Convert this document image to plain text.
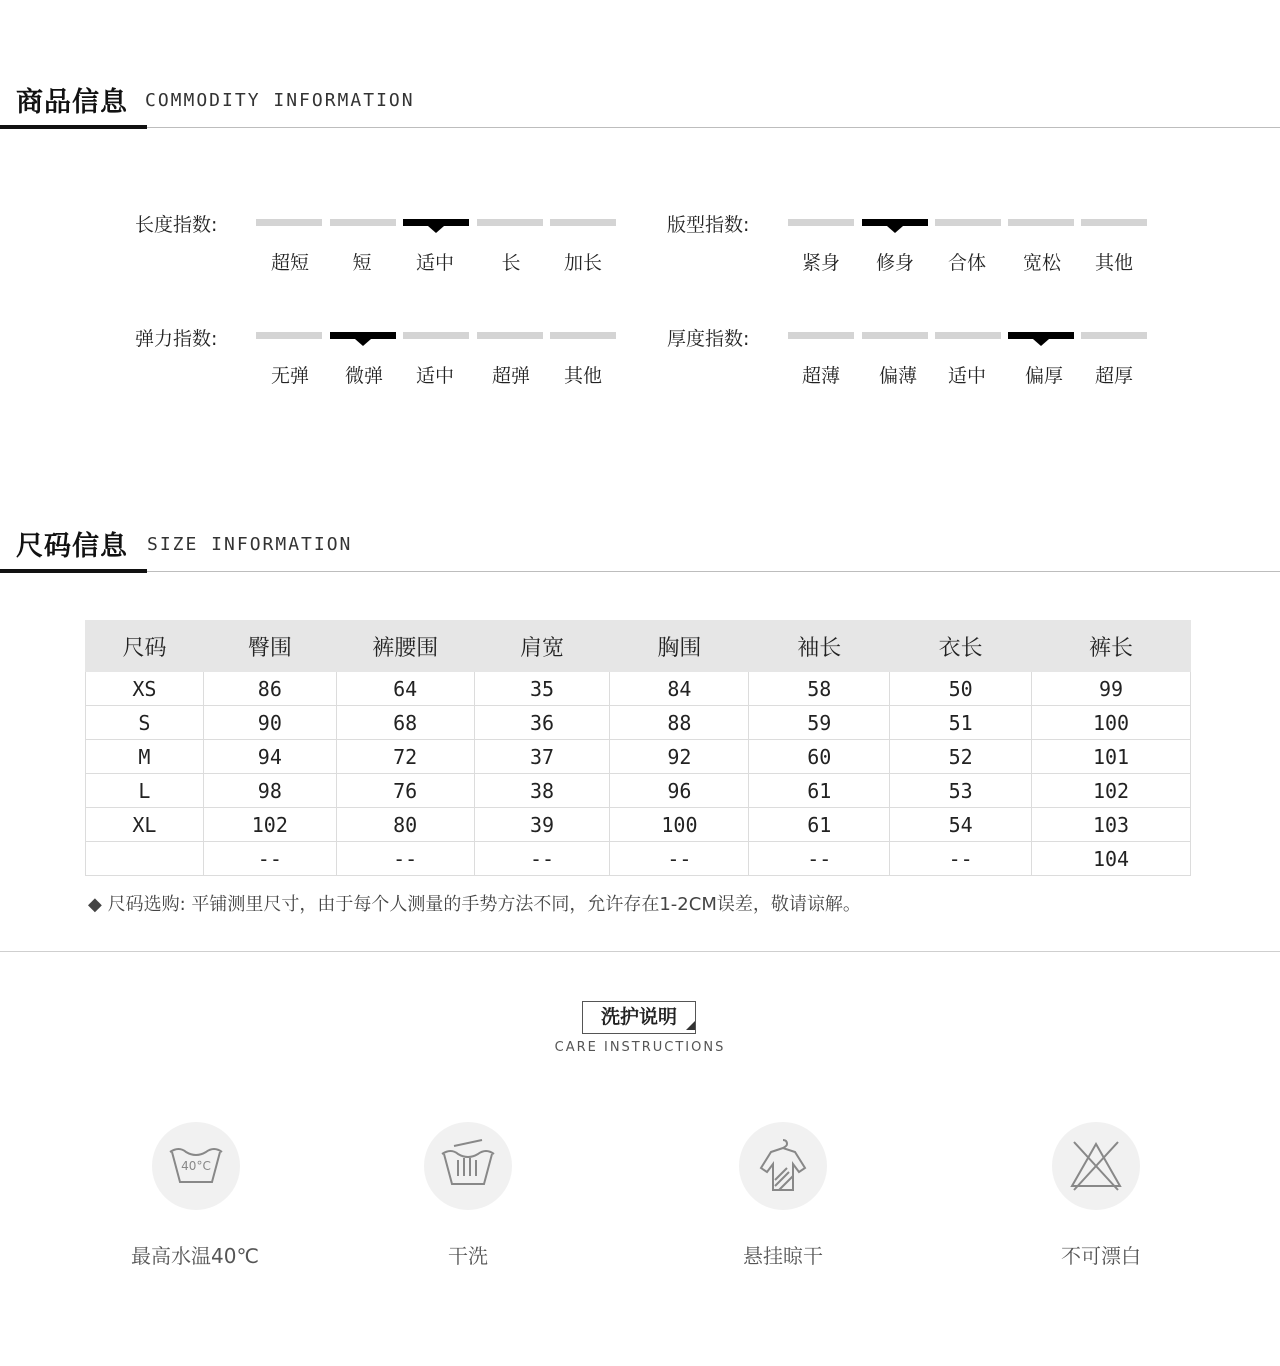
商品信息 COMMODITY INFORMATION
长度指数:
超短	短	适中	长	加长
版型指数:
紧身	修身	合体	宽松	其他
弹力指数:
无弹	微弹	适中	超弹	其他
厚度指数:
超薄	偏薄	适中	偏厚	超厚
尺码信息 SIZE INFORMATION
尺码	臀围	裤腰围	肩宽	胸围	袖长	衣长	裤长
XS	86	64	35	84	58	50	99
S	90	68	36	88	59	51	100
M	94	72	37	92	60	52	101
L	98	76	38	96	61	53	102
XL	102	80	39	100	61	54	103
	--	--	--	--	--	--	104
◆ 尺码选购: 平铺测里尺寸，由于每个人测量的手势方法不同，允许存在1-2CM误差，敬请谅解。
洗护说明
CARE INSTRUCTIONS
40°C
最高水温40℃	干洗	悬挂晾干	不可漂白
